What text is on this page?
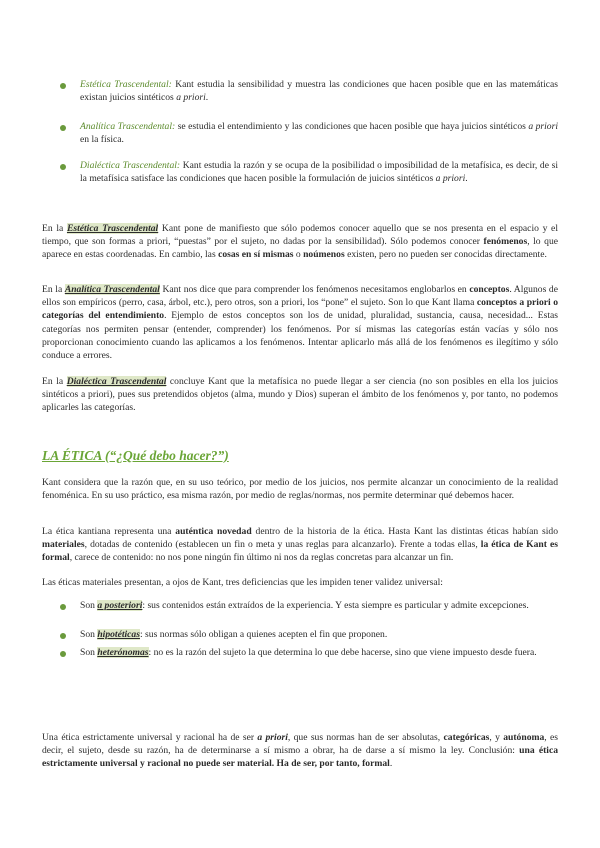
Estética Trascendental: Kant estudia la sensibilidad y muestra las condiciones que hacen posible que en las matemáticas existan juicios sintéticos a priori.
Analítica Trascendental: se estudia el entendimiento y las condiciones que hacen posible que haya juicios sintéticos a priori en la física.
Dialéctica Trascendental: Kant estudia la razón y se ocupa de la posibilidad o imposibilidad de la metafísica, es decir, de si la metafísica satisface las condiciones que hacen posible la formulación de juicios sintéticos a priori.
En la Estética Trascendental Kant pone de manifiesto que sólo podemos conocer aquello que se nos presenta en el espacio y el tiempo, que son formas a priori, “puestas” por el sujeto, no dadas por la sensibilidad). Sólo podemos conocer fenómenos, lo que aparece en estas coordenadas. En cambio, las cosas en sí mismas o noúmenos existen, pero no pueden ser conocidas directamente.
En la Analítica Trascendental Kant nos dice que para comprender los fenómenos necesitamos englobarlos en conceptos. Algunos de ellos son empíricos (perro, casa, árbol, etc.), pero otros, son a priori, los “pone” el sujeto. Son lo que Kant llama conceptos a priori o categorías del entendimiento. Ejemplo de estos conceptos son los de unidad, pluralidad, sustancia, causa, necesidad... Estas categorías nos permiten pensar (entender, comprender) los fenómenos. Por sí mismas las categorías están vacías y sólo nos proporcionan conocimiento cuando las aplicamos a los fenómenos. Intentar aplicarlo más allá de los fenómenos es ilegítimo y sólo conduce a errores.
En la Dialéctica Trascendental concluye Kant que la metafísica no puede llegar a ser ciencia (no son posibles en ella los juicios sintéticos a priori), pues sus pretendidos objetos (alma, mundo y Dios) superan el ámbito de los fenómenos y, por tanto, no podemos aplicarles las categorías.
LA ÉTICA (“¿Qué debo hacer?”)
Kant considera que la razón que, en su uso teórico, por medio de los juicios, nos permite alcanzar un conocimiento de la realidad fenoménica. En su uso práctico, esa misma razón, por medio de reglas/normas, nos permite determinar qué debemos hacer.
La ética kantiana representa una auténtica novedad dentro de la historia de la ética. Hasta Kant las distintas éticas habían sido materiales, dotadas de contenido (establecen un fin o meta y unas reglas para alcanzarlo). Frente a todas ellas, la ética de Kant es formal, carece de contenido: no nos pone ningún fin último ni nos da reglas concretas para alcanzar un fin.
Las éticas materiales presentan, a ojos de Kant, tres deficiencias que les impiden tener validez universal:
Son a posteriori: sus contenidos están extraídos de la experiencia. Y esta siempre es particular y admite excepciones.
Son hipotéticas: sus normas sólo obligan a quienes acepten el fin que proponen.
Son heterónomas: no es la razón del sujeto la que determina lo que debe hacerse, sino que viene impuesto desde fuera.
Una ética estrictamente universal y racional ha de ser a priori, que sus normas han de ser absolutas, categóricas, y autónoma, es decir, el sujeto, desde su razón, ha de determinarse a sí mismo a obrar, ha de darse a sí mismo la ley. Conclusión: una ética estrictamente universal y racional no puede ser material. Ha de ser, por tanto, formal.
